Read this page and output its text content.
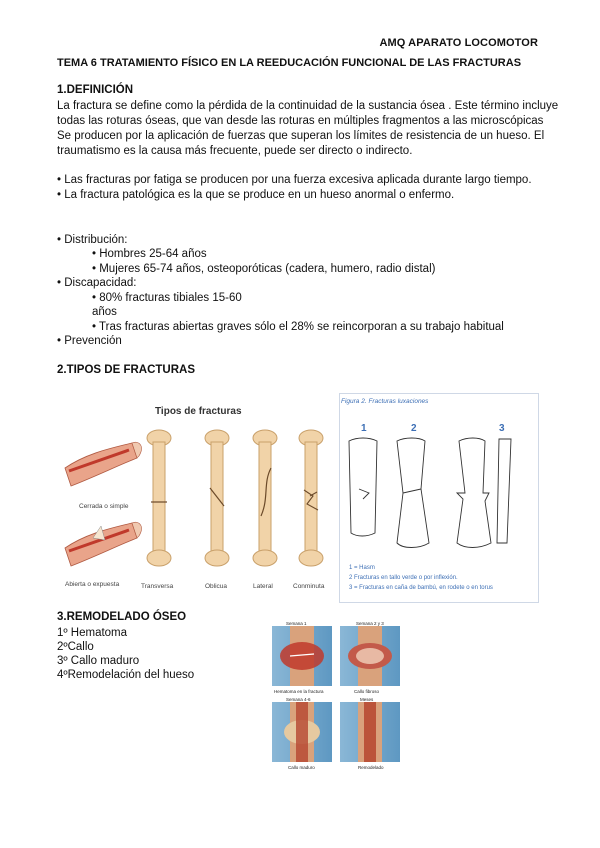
AMQ APARATO LOCOMOTOR
TEMA 6 TRATAMIENTO FÍSICO EN LA REEDUCACIÓN FUNCIONAL DE LAS FRACTURAS
1.DEFINICIÓN
La fractura se define como la pérdida de la continuidad de la sustancia ósea . Este término incluye
todas las roturas óseas, que van desde las roturas en múltiples fragmentos a las microscópicas
Se producen por la aplicación de fuerzas que superan los límites de resistencia de un hueso. El
traumatismo es la causa más frecuente, puede ser directo o indirecto.
• Las fracturas por fatiga se producen por una fuerza excesiva aplicada durante largo tiempo.
• La fractura patológica es la que se produce en un hueso anormal o enfermo.
• Distribución:
• Hombres 25-64 años
• Mujeres 65-74 años, osteoporóticas (cadera, humero, radio distal)
• Discapacidad:
• 80% fracturas tibiales 15-60
años
• Tras fracturas abiertas graves sólo el 28% se reincorporan a su trabajo habitual
• Prevención
2.TIPOS DE FRACTURAS
Tipos de fracturas
Cerrada o simple
Abierta o expuesta	Transversa	Oblicua	Lateral	Conminuta
Figura 2. Fracturas luxaciones
1	2	3
1 = Hasm
2 Fracturas en tallo verde o por inflexión.
3 = Fracturas en caña de bambú, en rodete o en torus
3.REMODELADO ÓSEO
1º Hematoma
2ºCallo
3º Callo maduro
4ºRemodelación del hueso
Semana 1	Semana 2 y 3
Semana 4-6	Meses
Hematoma en la fractura	Callo fibroso
Callo maduro	Remodelado
